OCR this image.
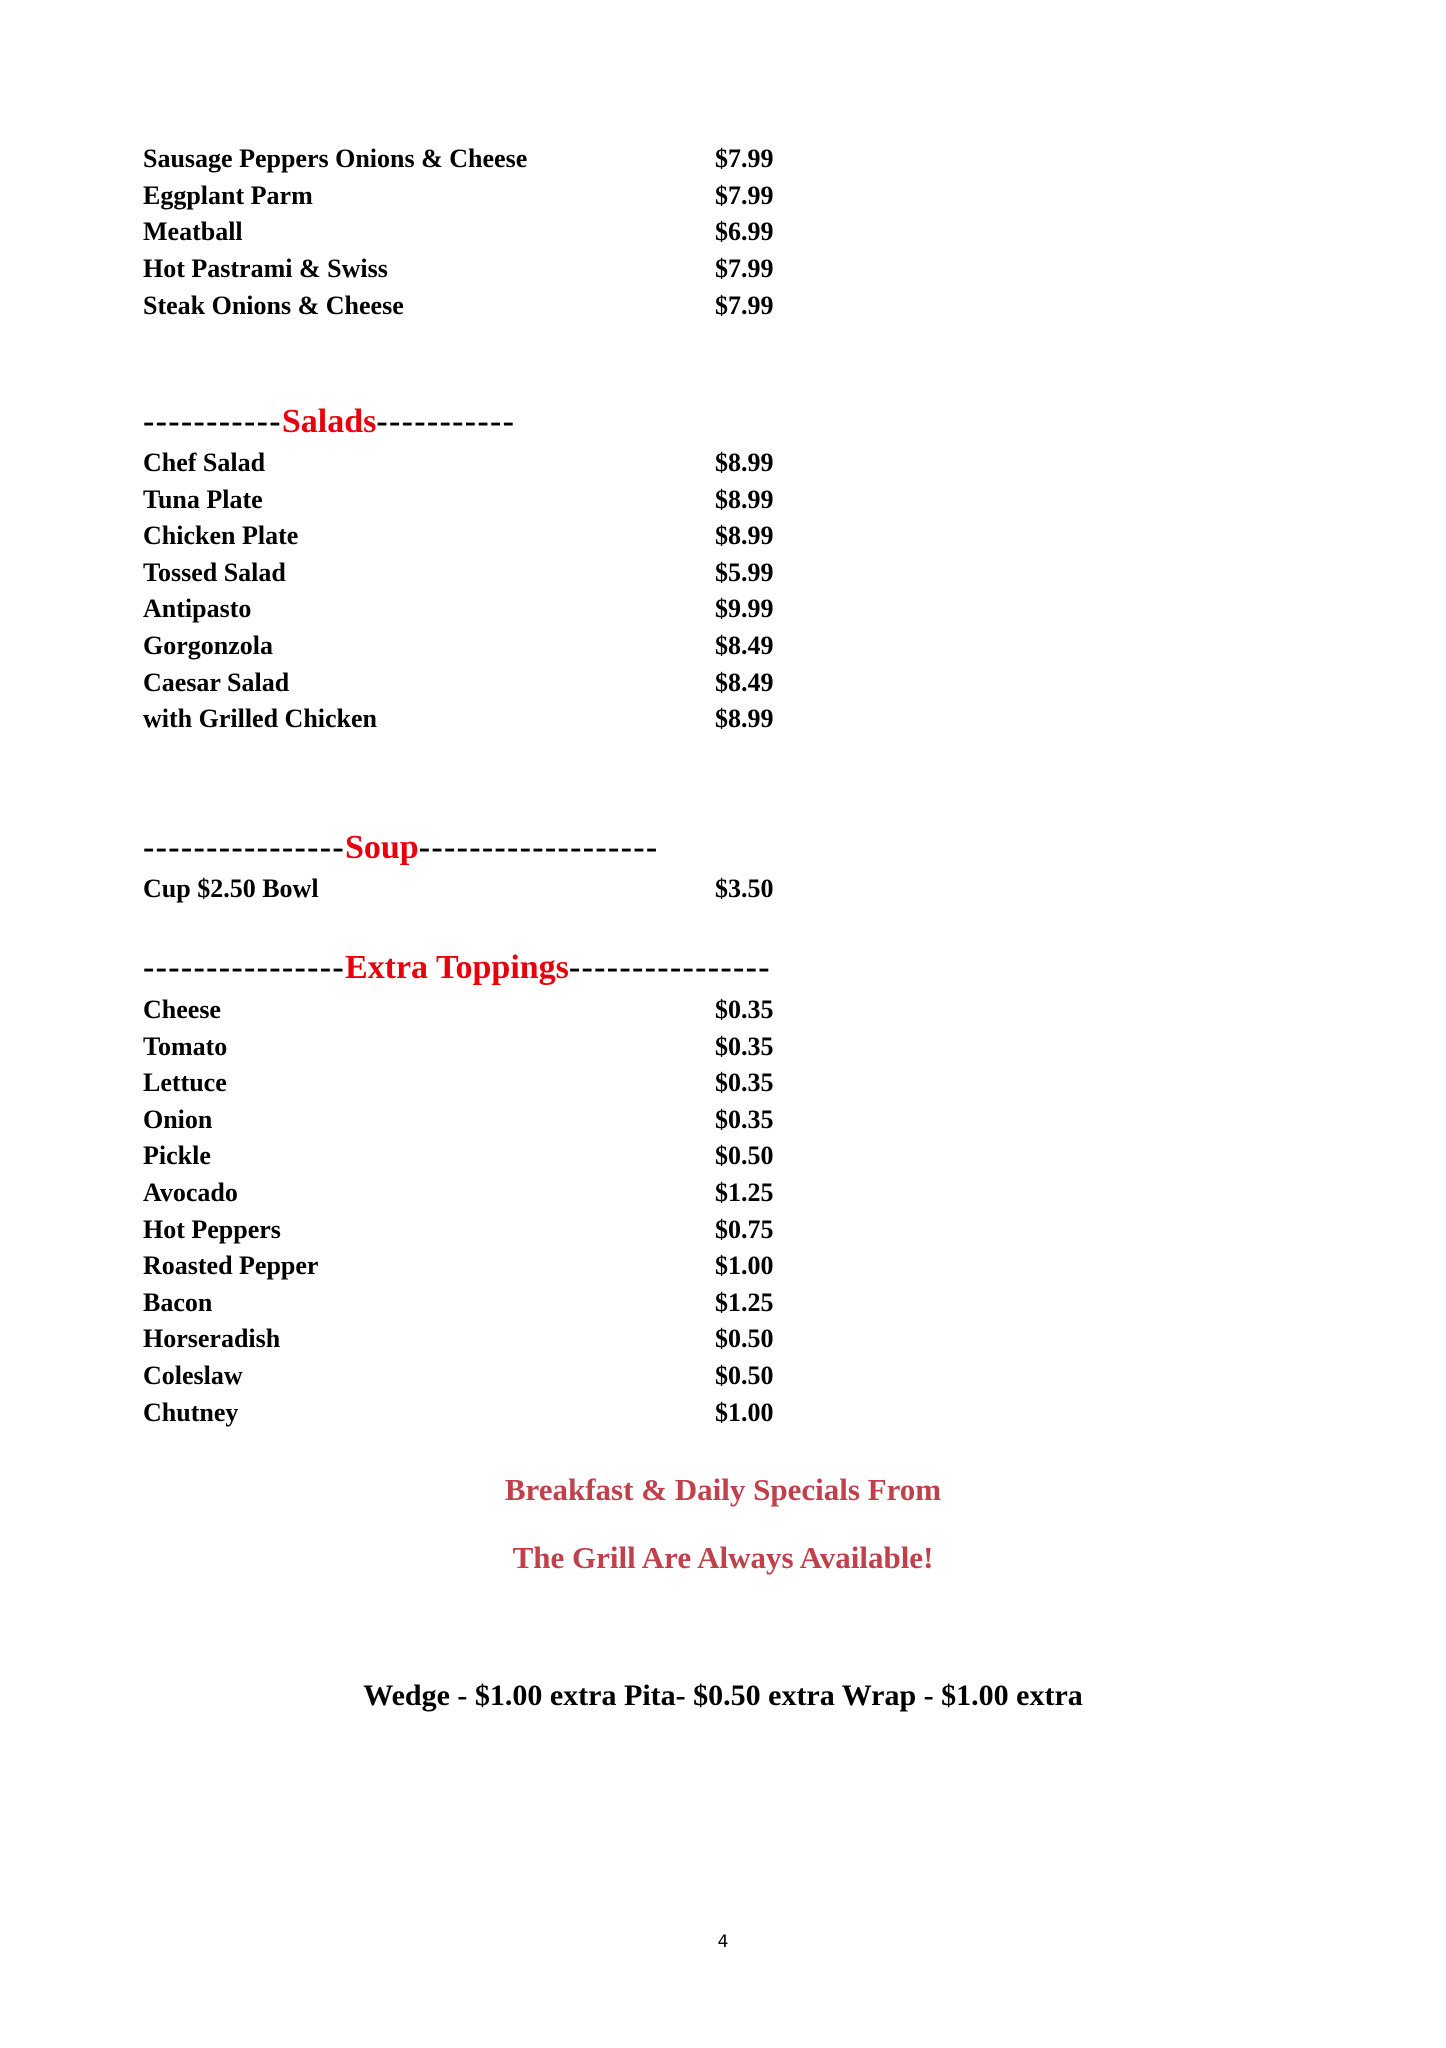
Sausage Peppers Onions & Cheese	$7.99
Eggplant Parm	$7.99
Meatball	$6.99
Hot Pastrami & Swiss	$7.99
Steak Onions & Cheese	$7.99
-----------Salads-----------
Chef Salad	$8.99
Tuna Plate	$8.99
Chicken Plate	$8.99
Tossed Salad	$5.99
Antipasto	$9.99
Gorgonzola	$8.49
Caesar Salad	$8.49
with Grilled Chicken	$8.99
----------------Soup-------------------
Cup $2.50 Bowl	$3.50
----------------Extra Toppings----------------
Cheese	$0.35
Tomato	$0.35
Lettuce	$0.35
Onion	$0.35
Pickle	$0.50
Avocado	$1.25
Hot Peppers	$0.75
Roasted Pepper	$1.00
Bacon	$1.25
Horseradish	$0.50
Coleslaw	$0.50
Chutney	$1.00
Breakfast & Daily Specials From
The Grill Are Always Available!
Wedge - $1.00 extra Pita- $0.50 extra Wrap - $1.00 extra
4
